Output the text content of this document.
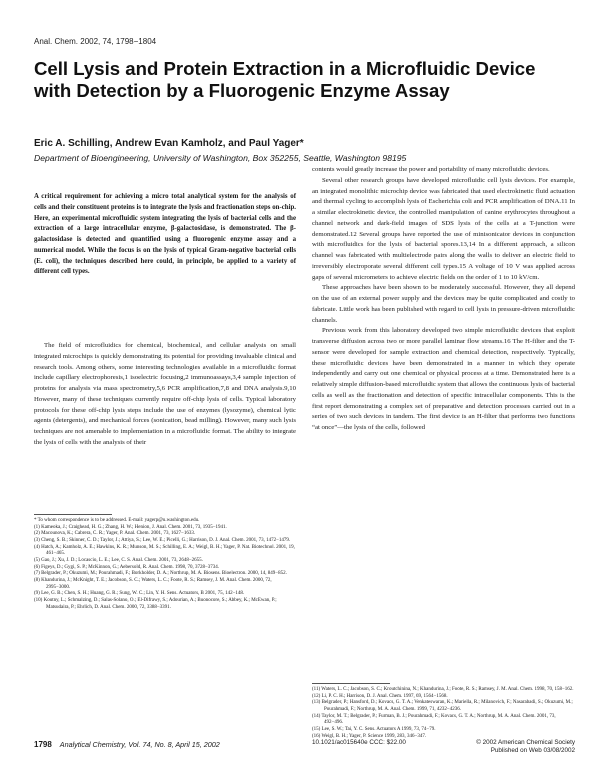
Anal. Chem. 2002, 74, 1798−1804
Cell Lysis and Protein Extraction in a Microfluidic Device with Detection by a Fluorogenic Enzyme Assay
Eric A. Schilling, Andrew Evan Kamholz, and Paul Yager*
Department of Bioengineering, University of Washington, Box 352255, Seattle, Washington 98195

A critical requirement for achieving a micro total analytical system for the analysis of cells and their constituent proteins is to integrate the lysis and fractionation steps on-chip. Here, an experimental microfluidic system integrating the lysis of bacterial cells and the extraction of a large intracellular enzyme, β-galactosidase, is demonstrated. The β-galactosidase is detected and quantified using a fluorogenic enzyme assay and a numerical model. While the focus is on the lysis of typical Gram-negative bacterial cells (E. coli), the techniques described here could, in principle, be applied to a variety of different cell types.

The field of microfluidics for chemical, biochemical, and cellular analysis on small integrated microchips is quickly demonstrating its potential for providing invaluable clinical and research tools. Among others, some interesting technologies available in a microfluidic format include capillary electrophoresis,1 isoelectric focusing,2 immunoassays,3,4 sample injection of proteins for analysis via mass spectrometry,5,6 PCR amplification,7,8 and DNA analysis.9,10 However, many of these techniques currently require off-chip lysis of cells. Typical laboratory protocols for these off-chip lysis steps include the use of enzymes (lysozyme), chemical lytic agents (detergents), and mechanical forces (sonication, bead milling). However, many such lysis techniques are not amenable to implementation in a microfluidic format. The ability to integrate the lysis of cells with the analysis of their

* To whom correspondence is to be addressed. E-mail: yagerp@u.washington.edu.
(1) Kameoka, J.; Craighead, H. G.; Zhang, H. W.; Henion, J. Anal. Chem. 2001, 73, 1935−1941.
(2) Macounova, K.; Cabrera, C. R.; Yager, P. Anal. Chem. 2001, 73, 1627−1633.
(3) Cheng, S. B.; Skinner, C. D.; Taylor, J.; Attiya, S.; Lee, W. E.; Picelli, G.; Harrison, D. J. Anal. Chem. 2001, 73, 1472−1479.
(4) Hatch, A.; Kamholz, A. E.; Hawkins, K. R.; Munson, M. S.; Schilling, E. A.; Weigl, B. H.; Yager, P. Nat. Biotechnol. 2001, 19, 461−465.
(5) Gao, J.; Xu, J. D.; Locascio, L. E.; Lee, C. S. Anal. Chem. 2001, 73, 2648−2655.
(6) Figeys, D.; Gygi, S. P.; McKinnon, G.; Aebersold, R. Anal. Chem. 1998, 70, 3728−3734.
(7) Belgrader, P.; Okuzumi, M.; Pourahmadi, F.; Borkholder, D. A.; Northrup, M. A. Biosens. Bioelectron. 2000, 14, 849−852.
(8) Khandurina, J.; McKnight, T. E.; Jacobson, S. C.; Waters, L. C.; Foote, R. S.; Ramsey, J. M. Anal. Chem. 2000, 72, 2995−3000.
(9) Lee, G. B.; Chen, S. H.; Huang, G. R.; Sung, W. C.; Lin, Y. H. Sens. Actuators, B 2001, 75, 142−148.
(10) Koutny, L.; Schmalzing, D.; Salas-Solano, O.; El-Difrawy, S.; Adourian, A.; Buonocore, S.; Abbey, K.; McEwan, P.; Matsudaira, P.; Ehrlich, D. Anal. Chem. 2000, 72, 3388−3391.

contents would greatly increase the power and portability of many microfluidic devices.

Several other research groups have developed microfluidic cell lysis devices. For example, an integrated monolithic microchip device was fabricated that used electrokinetic fluid actuation and thermal cycling to accomplish lysis of Escherichia coli and PCR amplification of DNA.11 In a similar electrokinetic device, the controlled manipulation of canine erythrocytes throughout a channel network and dark-field images of SDS lysis of the cells at a T-junction were demonstrated.12 Several groups have reported the use of minisonicator devices in conjunction with microfluidics for the lysis of bacterial spores.13,14 In a different approach, a silicon channel was fabricated with multielectrode pairs along the walls to deliver an electric field to irreversibly electroporate several different cell types.15 A voltage of 10 V was applied across gaps of several micrometers to achieve electric fields on the order of 1 to 10 kV/cm.

These approaches have been shown to be moderately successful. However, they all depend on the use of an external power supply and the devices may be quite complicated and costly to fabricate. Little work has been published with regard to cell lysis in pressure-driven microfluidic channels.

Previous work from this laboratory developed two simple microfluidic devices that exploit transverse diffusion across two or more parallel laminar flow streams.16 The H-filter and the T-sensor were developed for sample extraction and chemical detection, respectively. Typically, these microfluidic devices have been demonstrated in a manner in which they operate independently and carry out one chemical or physical process at a time. Demonstrated here is a relatively simple diffusion-based microfluidic system that allows the continuous lysis of bacterial cells as well as the fractionation and detection of specific intracellular components. This is the first report demonstrating a complex set of preparative and detection processes carried out in a series of two such devices in tandem. The first device is an H-filter that performs two functions “at once”—the lysis of the cells, followed

(11) Waters, L. C.; Jacobson, S. C.; Kroutchinina, N.; Khandurina, J.; Foote, R. S.; Ramsey, J. M. Anal. Chem. 1998, 70, 158−162.
(12) Li, P. C. H.; Harrison, D. J. Anal. Chem. 1997, 69, 1564−1568.
(13) Belgrader, P.; Hansford, D.; Kovacs, G. T. A.; Venkateswaran, K.; Mariella, R.; Milanovich, F.; Nasarabadi, S.; Okuzumi, M.; Pourahmadi, F.; Northrup, M. A. Anal. Chem. 1999, 71, 4232−4236.
(14) Taylor, M. T.; Belgrader, P.; Furman, B. J.; Pourahmadi, F.; Kovacs, G. T. A.; Northrup, M. A. Anal. Chem. 2001, 73, 492−496.
(15) Lee, S. W.; Tai, Y. C. Sens. Actuators A 1999, 73, 74−79.
(16) Weigl, B. H.; Yager, P. Science 1999, 283, 346−347.
1798 Analytical Chemistry, Vol. 74, No. 8, April 15, 2002	10.1021/ac015640e CCC: $22.00	© 2002 American Chemical Society
Published on Web 03/08/2002
